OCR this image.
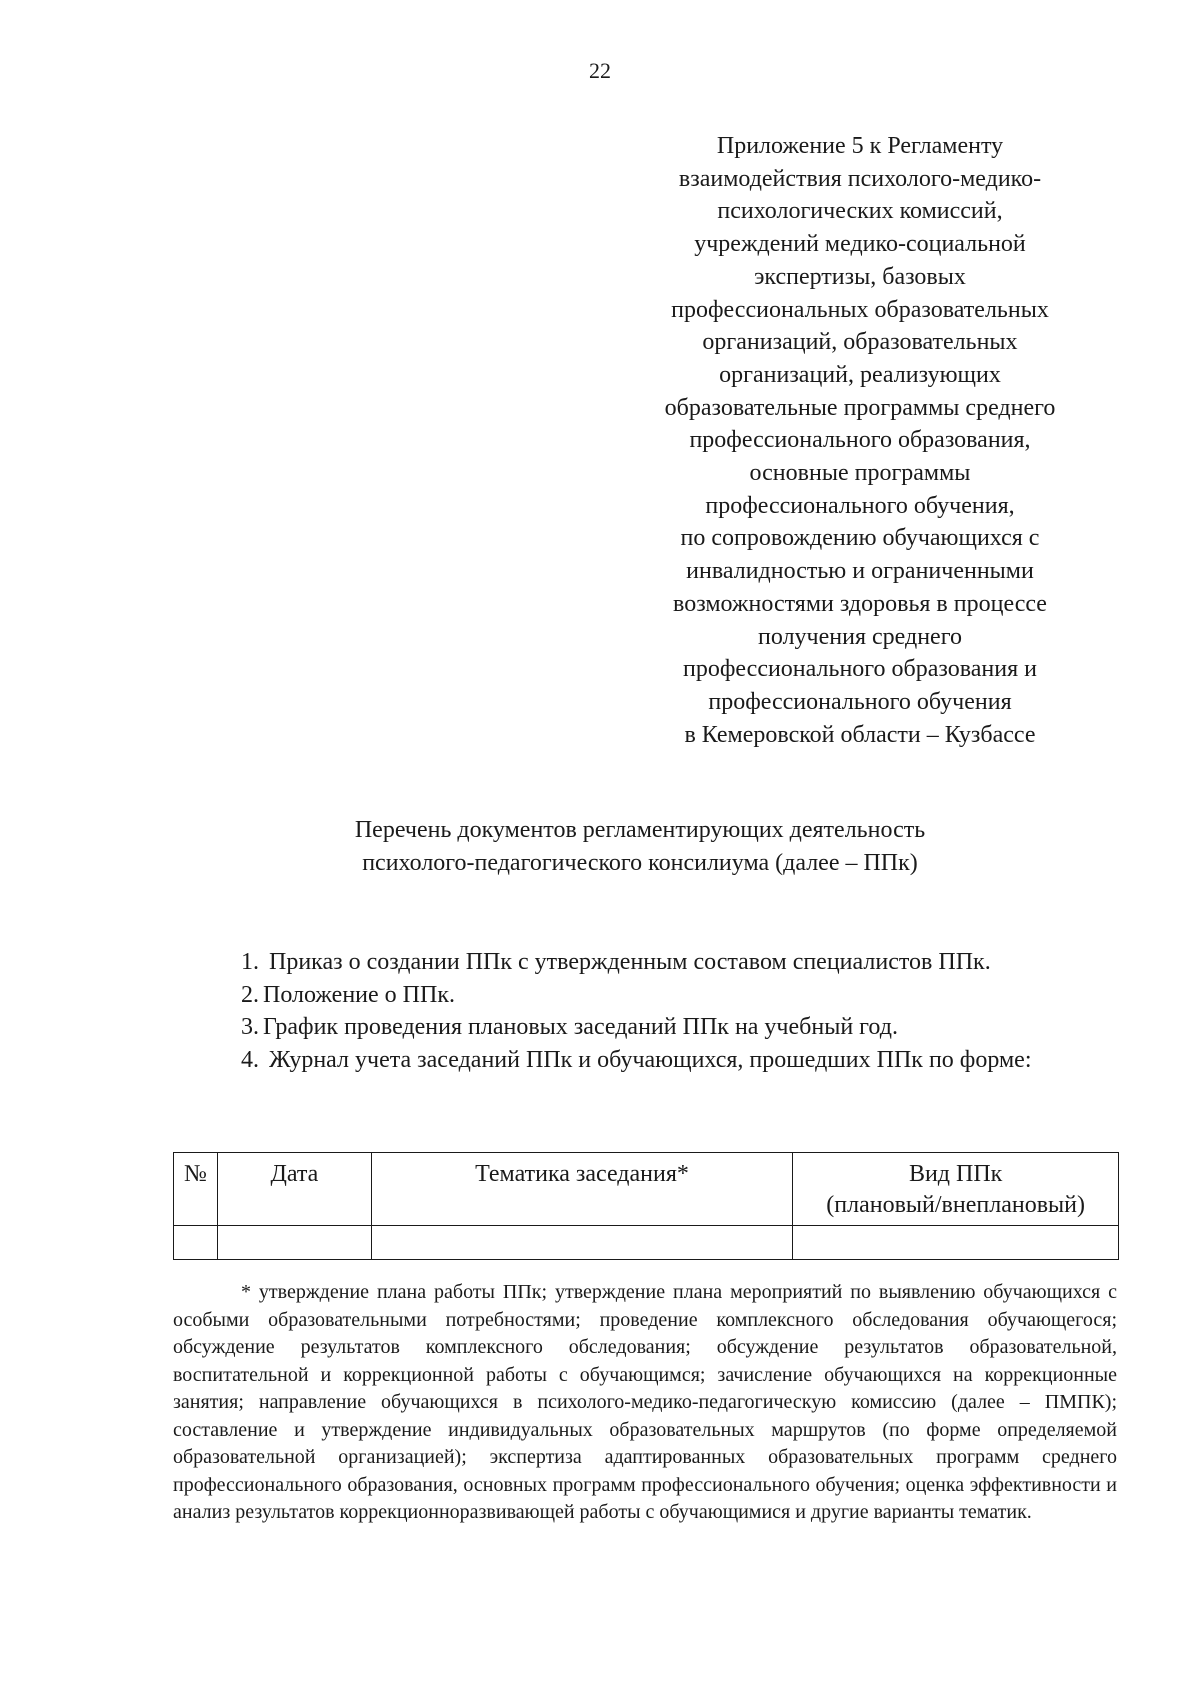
22
Приложение 5 к Регламенту
взаимодействия психолого-медико-
психологических комиссий,
учреждений медико-социальной
экспертизы, базовых
профессиональных образовательных
организаций, образовательных
организаций, реализующих
образовательные программы среднего
профессионального образования,
основные программы
профессионального обучения,
по сопровождению обучающихся с
инвалидностью и ограниченными
возможностями здоровья в процессе
получения среднего
профессионального образования и
профессионального обучения
в Кемеровской области – Кузбассе
Перечень документов регламентирующих деятельность
психолого-педагогического консилиума (далее – ППк)

1. Приказ о создании ППк с утвержденным составом специалистов ППк.

2. Положение о ППк.

3. График проведения плановых заседаний ППк на учебный год.

4. Журнал учета заседаний ППк и обучающихся, прошедших ППк по форме:

№	Дата	Тематика заседания*	Вид ППк
(плановый/внеплановый)

* утверждение плана работы ППк; утверждение плана мероприятий по выявлению обучающихся с особыми образовательными потребностями; проведение комплексного обследования обучающегося; обсуждение результатов комплексного обследования; обсуждение результатов образовательной, воспитательной и коррекционной работы с обучающимся; зачисление обучающихся на коррекционные занятия; направление обучающихся в психолого-медико-педагогическую комиссию (далее – ПМПК); составление и утверждение индивидуальных образовательных маршрутов (по форме определяемой образовательной организацией); экспертиза адаптированных образовательных программ среднего профессионального образования, основных программ профессионального обучения; оценка эффективности и анализ результатов коррекционноразвивающей работы с обучающимися и другие варианты тематик.
